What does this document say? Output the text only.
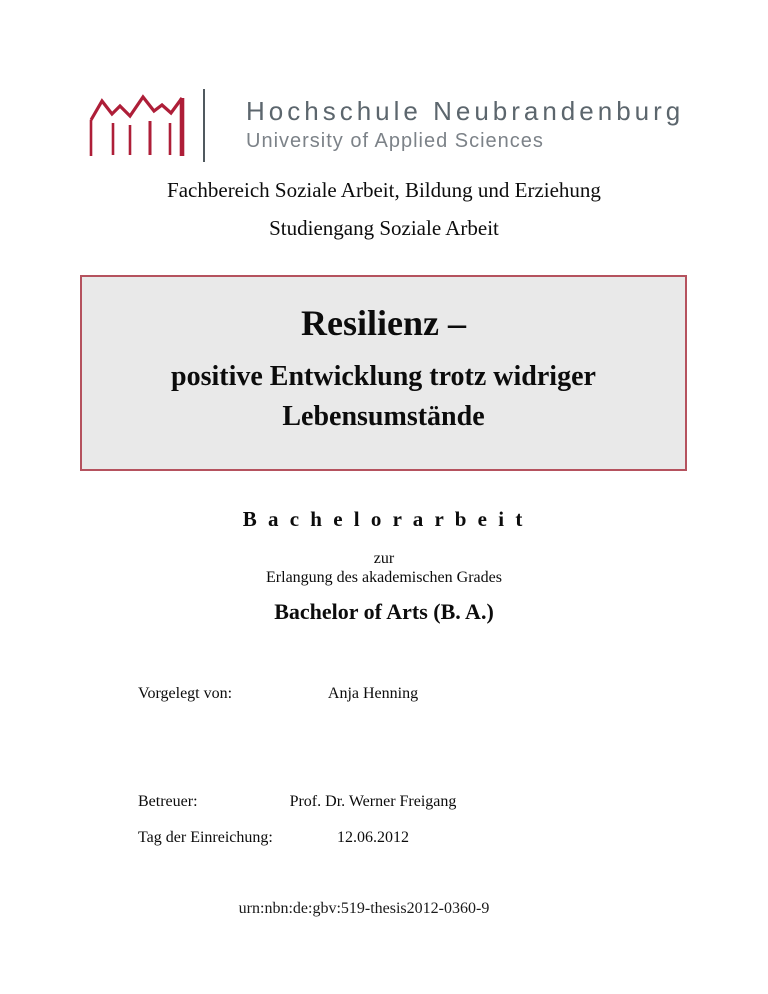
Hochschule Neubrandenburg
University of Applied Sciences
Fachbereich Soziale Arbeit, Bildung und Erziehung
Studiengang Soziale Arbeit
Resilienz –
positive Entwicklung trotz widriger
Lebensumstände
B a c h e l o r a r b e i t
zur
Erlangung des akademischen Grades
Bachelor of Arts (B. A.)
Vorgelegt von:	Anja Henning
Betreuer:	Prof. Dr. Werner Freigang
Tag der Einreichung:	12.06.2012
urn:nbn:de:gbv:519-thesis2012-0360-9
